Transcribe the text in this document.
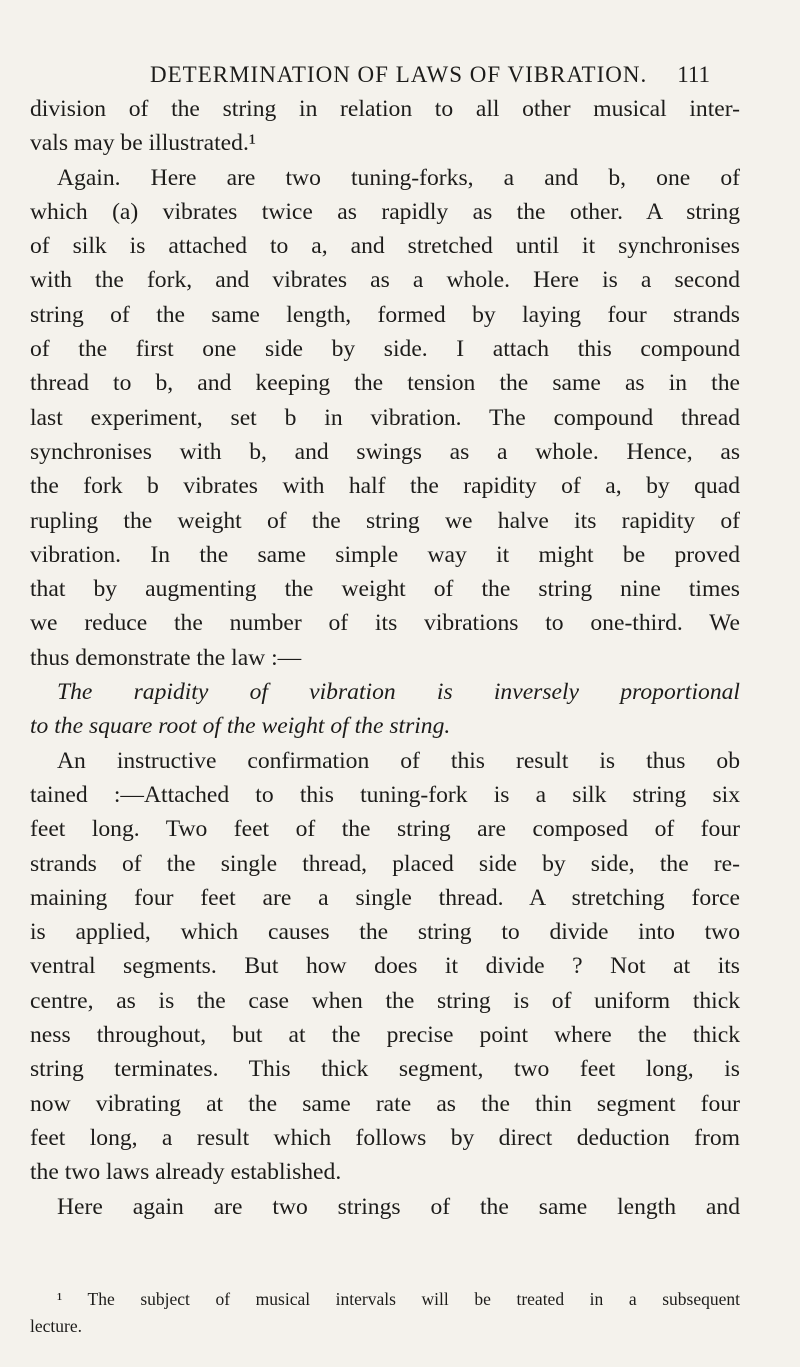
DETERMINATION OF LAWS OF VIBRATION. 111
division of the string in relation to all other musical inter-
vals may be illustrated.¹
Again. Here are two tuning-forks, a and b, one of
which (a) vibrates twice as rapidly as the other. A string
of silk is attached to a, and stretched until it synchronises
with the fork, and vibrates as a whole. Here is a second
string of the same length, formed by laying four strands
of the first one side by side. I attach this compound
thread to b, and keeping the tension the same as in the
last experiment, set b in vibration. The compound thread
synchronises with b, and swings as a whole. Hence, as
the fork b vibrates with half the rapidity of a, by quad
rupling the weight of the string we halve its rapidity of
vibration. In the same simple way it might be proved
that by augmenting the weight of the string nine times
we reduce the number of its vibrations to one-third. We
thus demonstrate the law :—
The rapidity of vibration is inversely proportional
to the square root of the weight of the string.
An instructive confirmation of this result is thus ob
tained :—Attached to this tuning-fork is a silk string six
feet long. Two feet of the string are composed of four
strands of the single thread, placed side by side, the re-
maining four feet are a single thread. A stretching force
is applied, which causes the string to divide into two
ventral segments. But how does it divide ? Not at its
centre, as is the case when the string is of uniform thick
ness throughout, but at the precise point where the thick
string terminates. This thick segment, two feet long, is
now vibrating at the same rate as the thin segment four
feet long, a result which follows by direct deduction from
the two laws already established.
Here again are two strings of the same length and
¹ The subject of musical intervals will be treated in a subsequent
lecture.
